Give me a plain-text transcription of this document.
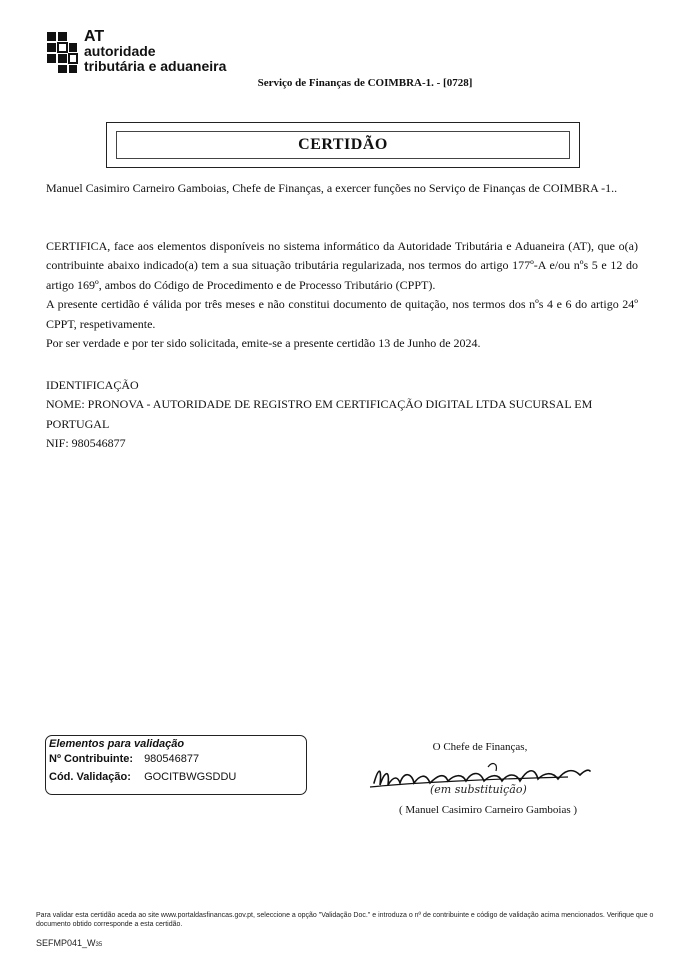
AT
autoridade
tributária e aduaneira
Serviço de Finanças de COIMBRA-1. - [0728]
CERTIDÃO

Manuel Casimiro Carneiro Gamboias, Chefe de Finanças, a exercer funções no Serviço de Finanças de COIMBRA -1..

CERTIFICA, face aos elementos disponíveis no sistema informático da Autoridade Tributária e Aduaneira (AT), que o(a) contribuinte abaixo indicado(a) tem a sua situação tributária regularizada, nos termos do artigo 177º-A e/ou nºs 5 e 12 do artigo 169º, ambos do Código de Procedimento e de Processo Tributário (CPPT).

A presente certidão é válida por três meses e não constitui documento de quitação, nos termos dos nºs 4 e 6 do artigo 24º CPPT, respetivamente.

Por ser verdade e por ter sido solicitada, emite-se a presente certidão 13 de Junho de 2024.

IDENTIFICAÇÃO

NOME: PRONOVA - AUTORIDADE DE REGISTRO EM CERTIFICAÇÃO DIGITAL LTDA SUCURSAL EM PORTUGAL

NIF: 980546877

Elementos para validação
Nº Contribuinte: 980546877
Cód. Validação: GOCITBWGSDDU
O Chefe de Finanças,
(em substituição)
( Manuel Casimiro Carneiro Gamboias )
Para validar esta certidão aceda ao site www.portaldasfinancas.gov.pt, seleccione a opção "Validação Doc." e introduza o nº de contribuinte e código de validação acima mencionados. Verifique que o documento obtido corresponde a esta certidão.
SEFMP041_W35
